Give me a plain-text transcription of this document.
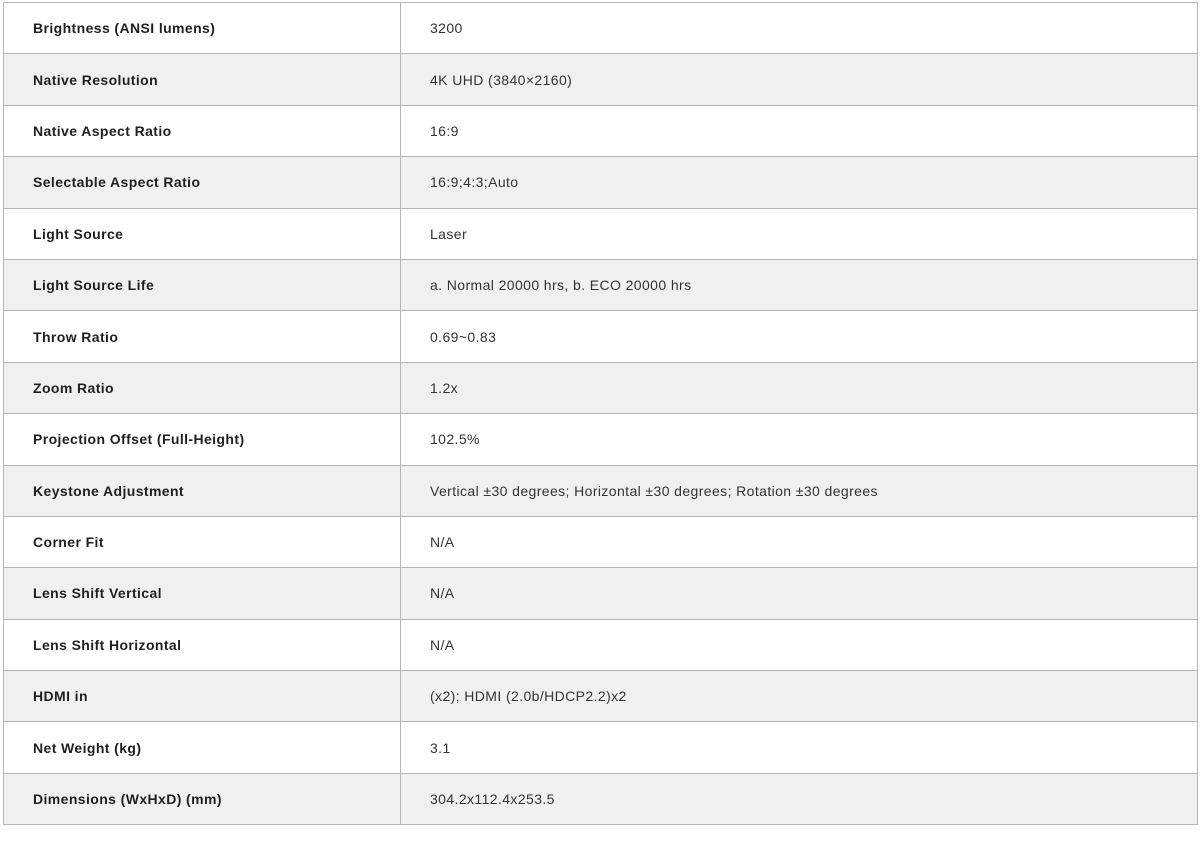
Brightness (ANSI lumens)	3200
Native Resolution	4K UHD (3840×2160)
Native Aspect Ratio	16:9
Selectable Aspect Ratio	16:9;4:3;Auto
Light Source	Laser
Light Source Life	a. Normal 20000 hrs, b. ECO 20000 hrs
Throw Ratio	0.69~0.83
Zoom Ratio	1.2x
Projection Offset (Full-Height)	102.5%
Keystone Adjustment	Vertical ±30 degrees; Horizontal ±30 degrees; Rotation ±30 degrees
Corner Fit	N/A
Lens Shift Vertical	N/A
Lens Shift Horizontal	N/A
HDMI in	(x2); HDMI (2.0b/HDCP2.2)x2
Net Weight (kg)	3.1
Dimensions (WxHxD) (mm)	304.2x112.4x253.5
